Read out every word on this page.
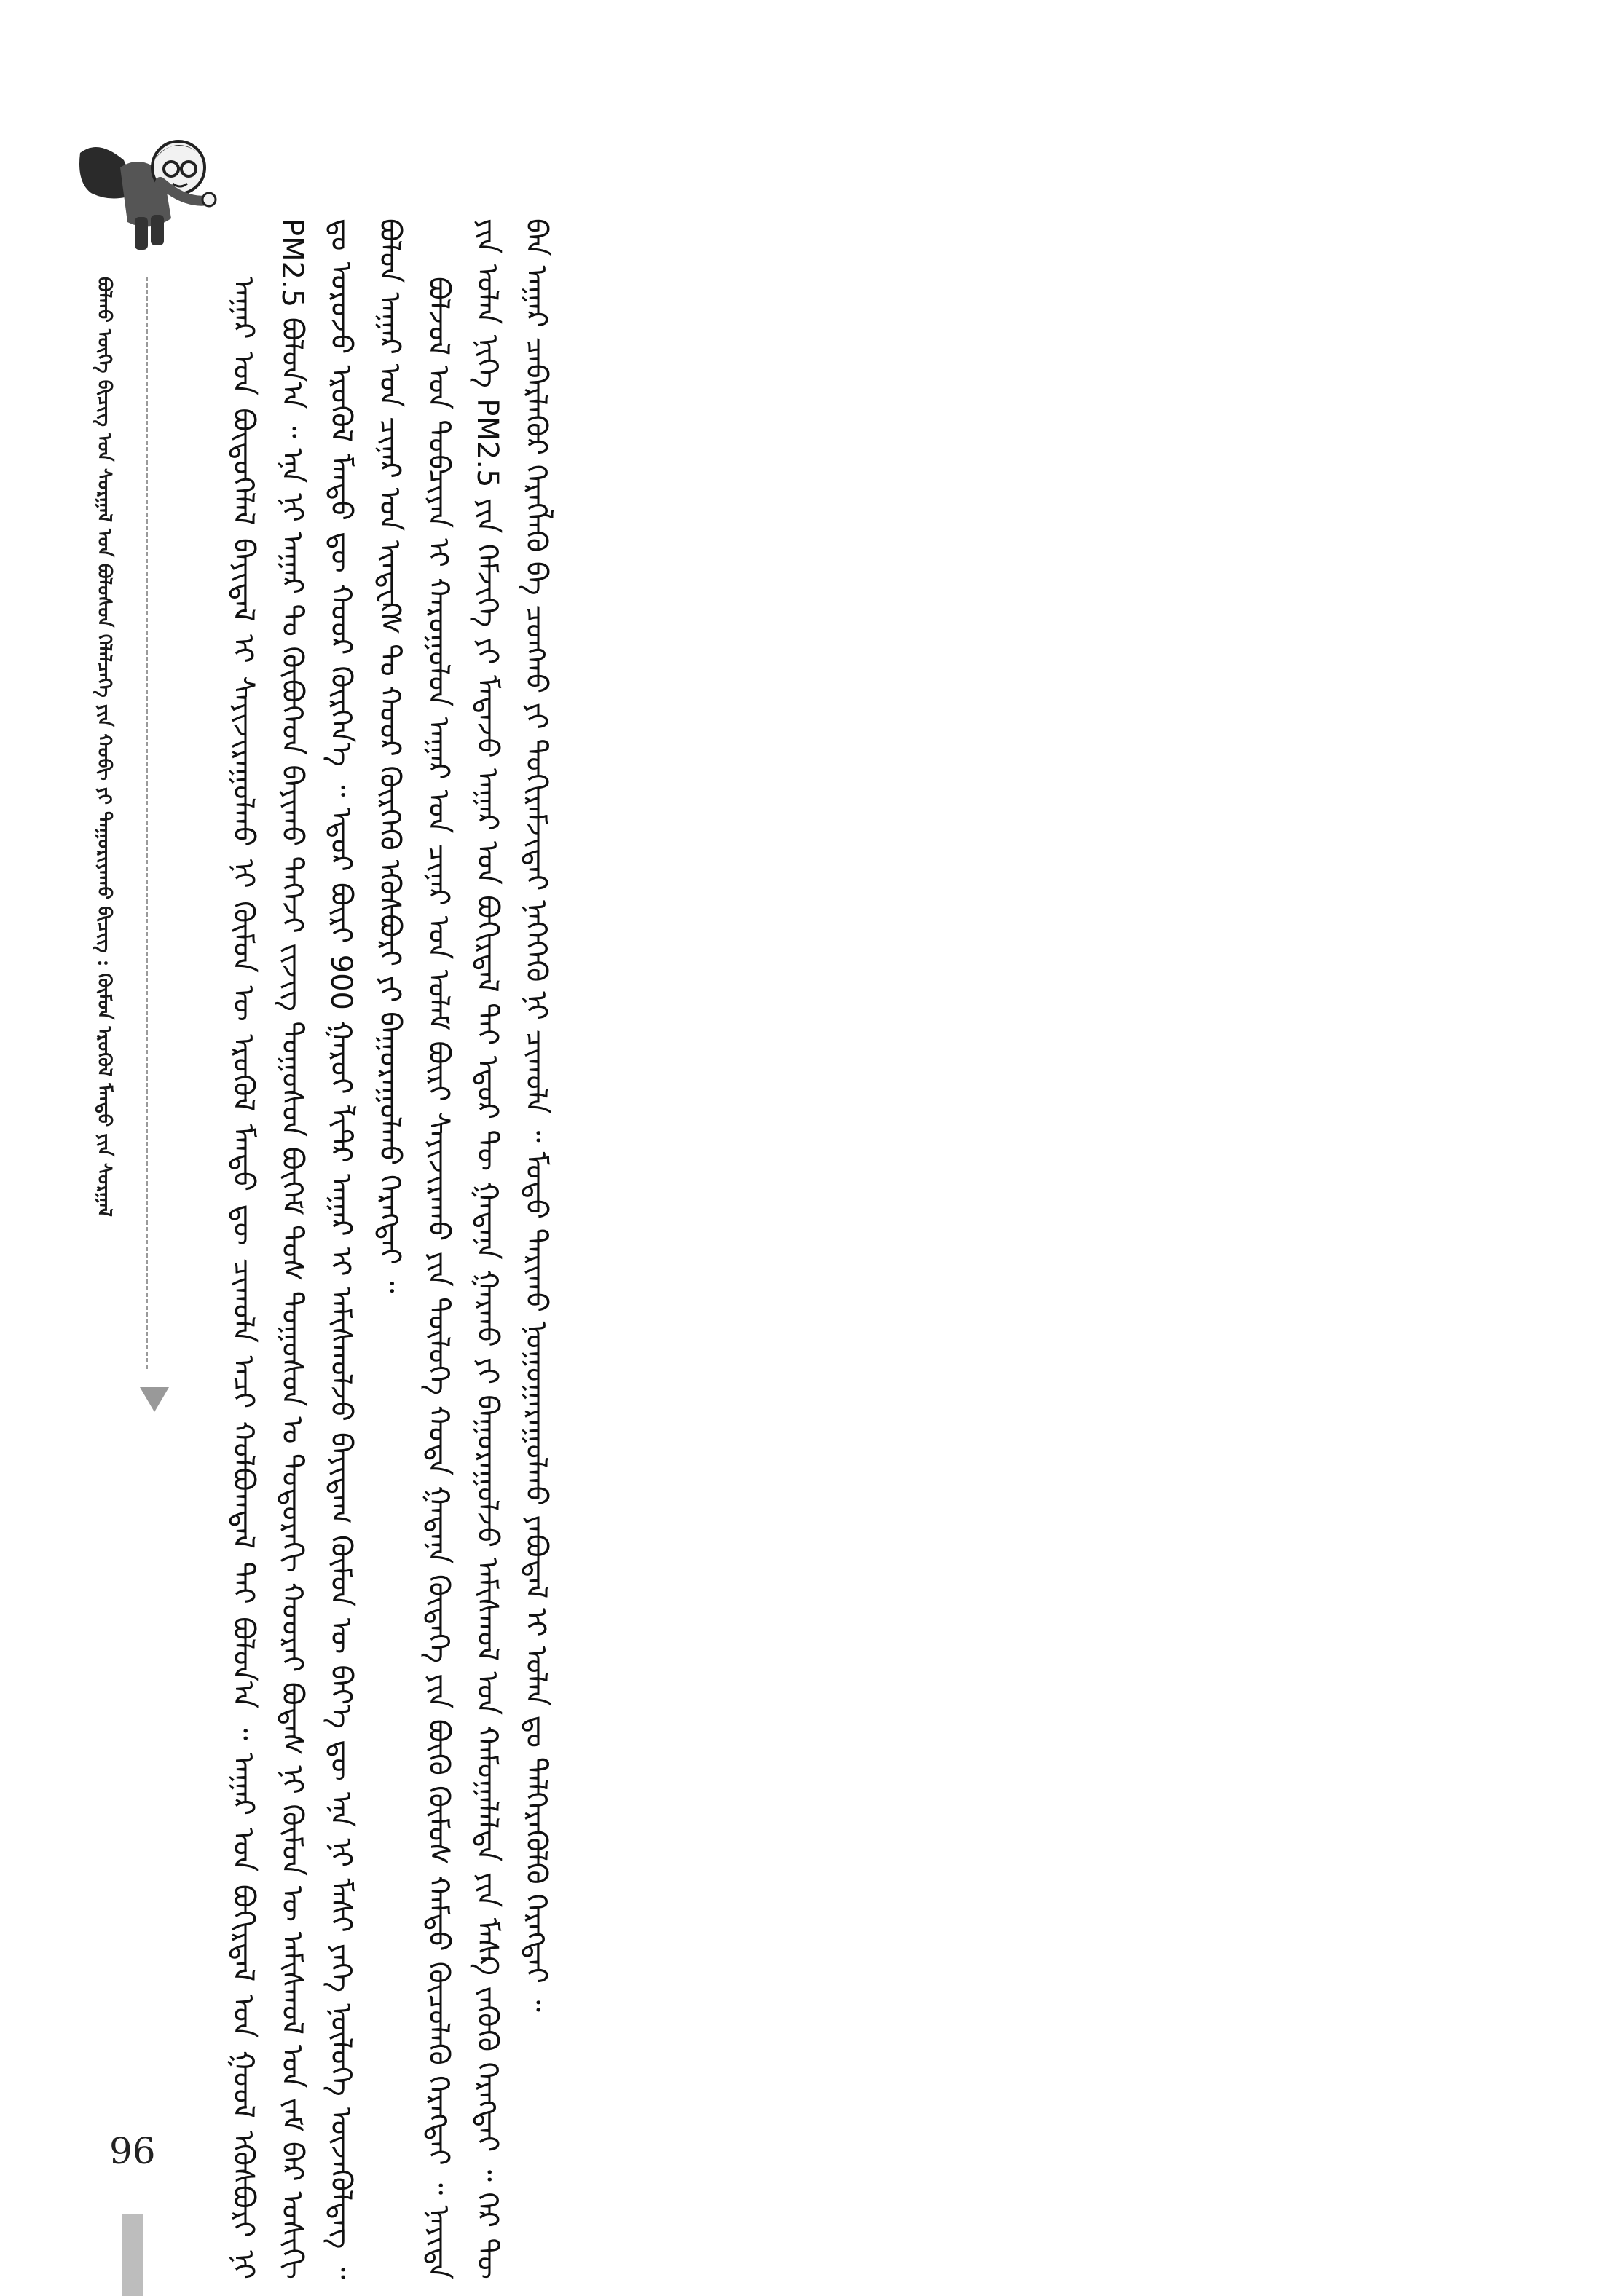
ᠪᠣᠯᠬᠤ ᠦᠭᠡ ᠪᠢᠴᠢᠭ᠌ ᠤᠨ ᠰᠤᠷᠭᠠᠯ ᠤᠨ ᠪᠣᠯᠤᠰᠤᠨ ᠬᠡᠯᠡᠯᠴᠡᠭᠡ ᠶᠢᠨ ᠬᠤᠪᠢ ᠶᠢ ᠳᠠᠭᠤᠷᠢᠶᠠᠬᠤ ᠪᠢᠴᠢᠭ : ᠬᠦᠮᠦᠨ ᠡᠷᠦᠬᠦᠯ ᠮᠡᠨᠳᠦ ᠶᠢᠨ ᠰᠤᠷᠭᠠᠯ	ᠠᠭᠠᠷ ᠤᠨ ᠪᠦᠲᠦᠭᠡᠯᠡᠯ ᠪᠠᠶᠢᠳᠠᠯ ᠢ ᠰᠠᠶᠢᠵᠢᠷᠠᠭᠤᠯᠬᠤ ᠨᠢ ᠬᠦᠮᠦᠨ ᠦ ᠡᠷᠦᠬᠦᠯ ᠮᠡᠨᠳᠦ ᠳᠦ ᠴᠢᠬᠤᠯᠠ ᠠᠴᠢ ᠬᠣᠯᠪᠣᠭᠳᠠᠯ ᠲᠠᠶ ᠪᠣᠯᠤᠨ᠎ᠠ ᠃ ᠠᠭᠠᠷ ᠤᠨ ᠪᠣᠬᠢᠷᠳᠠᠯ ᠤᠨ ᠭᠣᠣᠯ ᠡᠬᠦᠰᠪᠦᠷᠢ ᠨᠢ PM2.5 ᠪᠣᠯᠤᠨ᠎ᠠ ᠃ ᠡᠨᠡ ᠨᠢ ᠠᠭᠠᠷ ᠲᠤ ᠬᠥᠪᠥᠭᠡᠳ ᠪᠠᠶᠢᠬᠤ ᠳᠡᠭᠡᠵᠢ ᠵᠢᠵᠢᠭ ᠲᠣᠭᠣᠰᠤᠨ ᠪᠥᠭᠡᠮ ᠲᠤᠰ ᠲᠣᠭᠣᠰᠤᠨ ᠤ ᠳᠣᠲᠣᠷᠠᠬᠢ ᠬᠣᠤᠷᠠᠢ ᠪᠣᠳᠠᠰ ᠨᠢ ᠬᠦᠮᠦᠨ ᠦ ᠠᠮᠢᠰᠬᠤᠯ ᠤᠨ ᠵᠠᠮ ᠪᠠᠷ ᠤᠰᠢᠭᠢ ᠳᠤ ᠣᠷᠣᠵᠤ ᠡᠷᠦᠬᠦᠯ ᠮᠡᠨᠳᠦ ᠳᠦ ᠬᠣᠤᠷ ᠬᠦᠷᠭᠡᠨ᠎ᠡ ᠃ ᠡᠳᠦᠷ ᠪᠦᠷᠢ 900 ᠭᠠᠷᠤᠢ ᠯᠢᠲ᠋ᠷ ᠠᠭᠠᠷ ᠢ ᠠᠮᠢᠰᠬᠤᠯᠵᠤ ᠪᠠᠶᠢᠳᠠᠭ ᠬᠦᠮᠦᠨ ᠦ ᠪᠡᠶ᠎ᠡ ᠳᠦ ᠡᠨᠡ ᠨᠢ ᠮᠠᠰᠢ ᠶᠡᠬᠡ ᠨᠥᠯᠥᠭᠡ ᠦᠵᠡᠭᠦᠯᠳᠡᠭ ᠃ ᠪᠣᠯᠤᠨ ᠠᠭᠠᠷ ᠤᠨ ᠴᠢᠨᠠᠷ ᠤᠨ ᠢᠨᠳᠧᠺᠰ ᠲᠤ ᠬᠣᠤᠷ ᠬᠦᠷᠭᠡᠬᠦ ᠡᠬᠦᠰᠪᠦᠷᠢ ᠶᠢ ᠪᠠᠭᠤᠷᠠᠭᠤᠯᠬᠤ ᠬᠡᠷᠡᠭᠲᠡᠢ ᠃ ᠪᠣᠯᠵᠣᠯ ᠤᠨ ᠲᠣᠪᠴᠢᠶᠠᠨ ᠢ ᠬᠠᠷᠤᠭᠤᠯᠤᠨ ᠠᠭᠠᠷ ᠤᠨ ᠴᠢᠨᠠᠷ ᠤᠨ ᠤᠯᠠᠮ ᠪᠦᠷᠢ ᠰᠠᠶᠢᠵᠢᠷᠠᠬᠤ ᠶᠢᠨ ᠲᠥᠯᠥᠭᠡ ᠬᠣᠳᠠ ᠭᠠᠳᠠᠨᠠ ᠬᠥᠳᠡᠭᠡ ᠶᠢᠨ ᠪᠦᠬᠦ ᠬᠦᠮᠦᠰ ᠬᠠᠮᠲᠤ ᠬᠦᠴᠦᠯᠡᠬᠦ ᠬᠡᠷᠡᠭᠲᠡᠢ ᠃ ᠨᠡᠶᠢᠲᠡ ᠶᠢᠨ ᠣᠯᠠᠨ ᠨᠢᠭᠡ PM2.5 ᠶᠢᠨ ᠬᠡᠮᠵᠢᠭᠡ ᠶᠢ ᠮᠡᠳᠡᠵᠦ ᠠᠭᠠᠷ ᠤᠨ ᠪᠣᠬᠢᠷᠳᠠᠯ ᠲᠠᠢ ᠡᠳᠦᠷ ᠲᠦ ᠭᠠᠳᠠᠨᠠ ᠭᠠᠷᠬᠤ ᠶᠢ ᠪᠠᠭᠤᠷᠠᠭᠤᠯᠵᠤ ᠠᠮᠢᠰᠬᠤᠯ ᠤᠨ ᠬᠠᠮᠤᠭᠠᠯᠠᠯᠲᠠ ᠶᠢᠨ ᠮᠠᠰᠺ ᠵᠡᠭᠦᠬᠦ ᠬᠡᠷᠡᠭᠲᠡᠢ ᠃ ᠭᠡᠷ ᠲᠦ ᠪᠠᠨ ᠠᠭᠠᠷ ᠴᠡᠪᠡᠷᠯᠡᠭᠦᠷ ᠬᠡᠷᠡᠭᠯᠡᠬᠦ ᠪᠠ ᠴᠣᠩᠬᠣ ᠶᠢ ᠲᠣᠬᠢᠷᠠᠮᠵᠢᠲᠠᠢ ᠨᠡᠭᠡᠭᠡᠬᠦ ᠨᠢ ᠴᠢᠬᠤᠯᠠ ᠃ ᠮᠣᠳᠣ ᠲᠠᠷᠢᠬᠤ ᠨᠣᠭᠣᠭᠠᠷᠠᠭᠤᠯᠬᠤ ᠶᠠᠪᠤᠳᠠᠯ ᠢ ᠣᠯᠠᠨ ᠳᠤ ᠳᠡᠯᠭᠡᠷᠡᠭᠦᠯᠬᠦ ᠬᠡᠷᠡᠭᠲᠡᠢ ᠃

96
